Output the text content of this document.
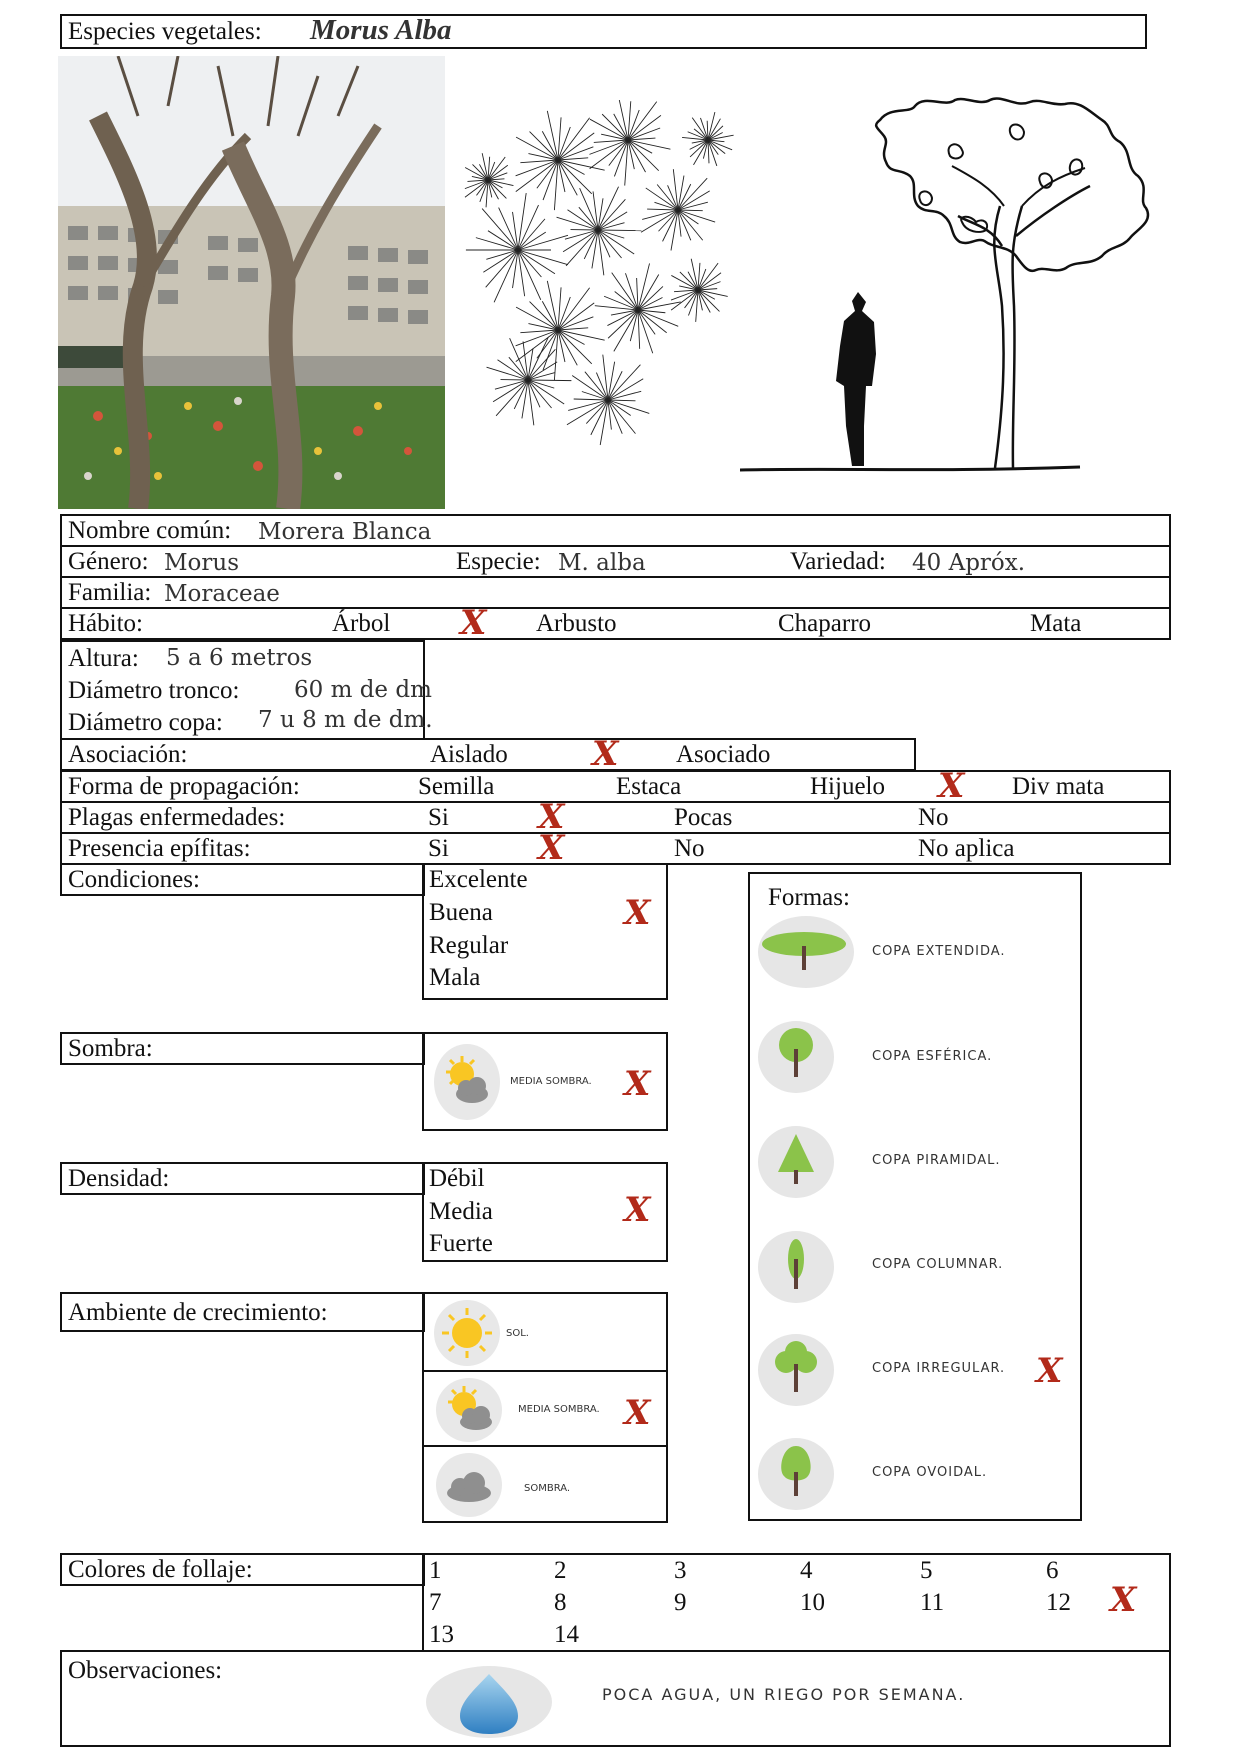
Especies vegetales: Morus Alba
Nombre común: Morera Blanca
Género: Morus	Especie: M. alba	Variedad: 40 Apróx.
Familia: Moraceae
Hábito:	Árbol X Arbusto	Chaparro	Mata
Altura: 5 a 6 metros
Diámetro tronco: 60 m de dm
Diámetro copa: 7 u 8 m de dm.
Asociación:	Aislado X Asociado
Forma de propagación:	Semilla	Estaca	Hijuelo X Div mata
Plagas enfermedades:	Si	X	Pocas	No
Presencia epífitas:	Si	X	No	No aplica
Condiciones:	Excelente
Buena	X
Regular
Mala
Sombra:
MEDIA SOMBRA. X
Densidad:	Débil
Media	X
Fuerte
Ambiente de crecimiento:
SOL.
MEDIA SOMBRA. X
SOMBRA.
Formas:
COPA EXTENDIDA.
COPA ESFÉRICA.
COPA PIRAMIDAL.
COPA COLUMNAR.
COPA IRREGULAR. X
COPA OVOIDAL.
Colores de follaje:	1	2	3	4	5	6
7	8	9	10	11	12 X
13	14
Observaciones:
POCA AGUA, UN RIEGO POR SEMANA.
